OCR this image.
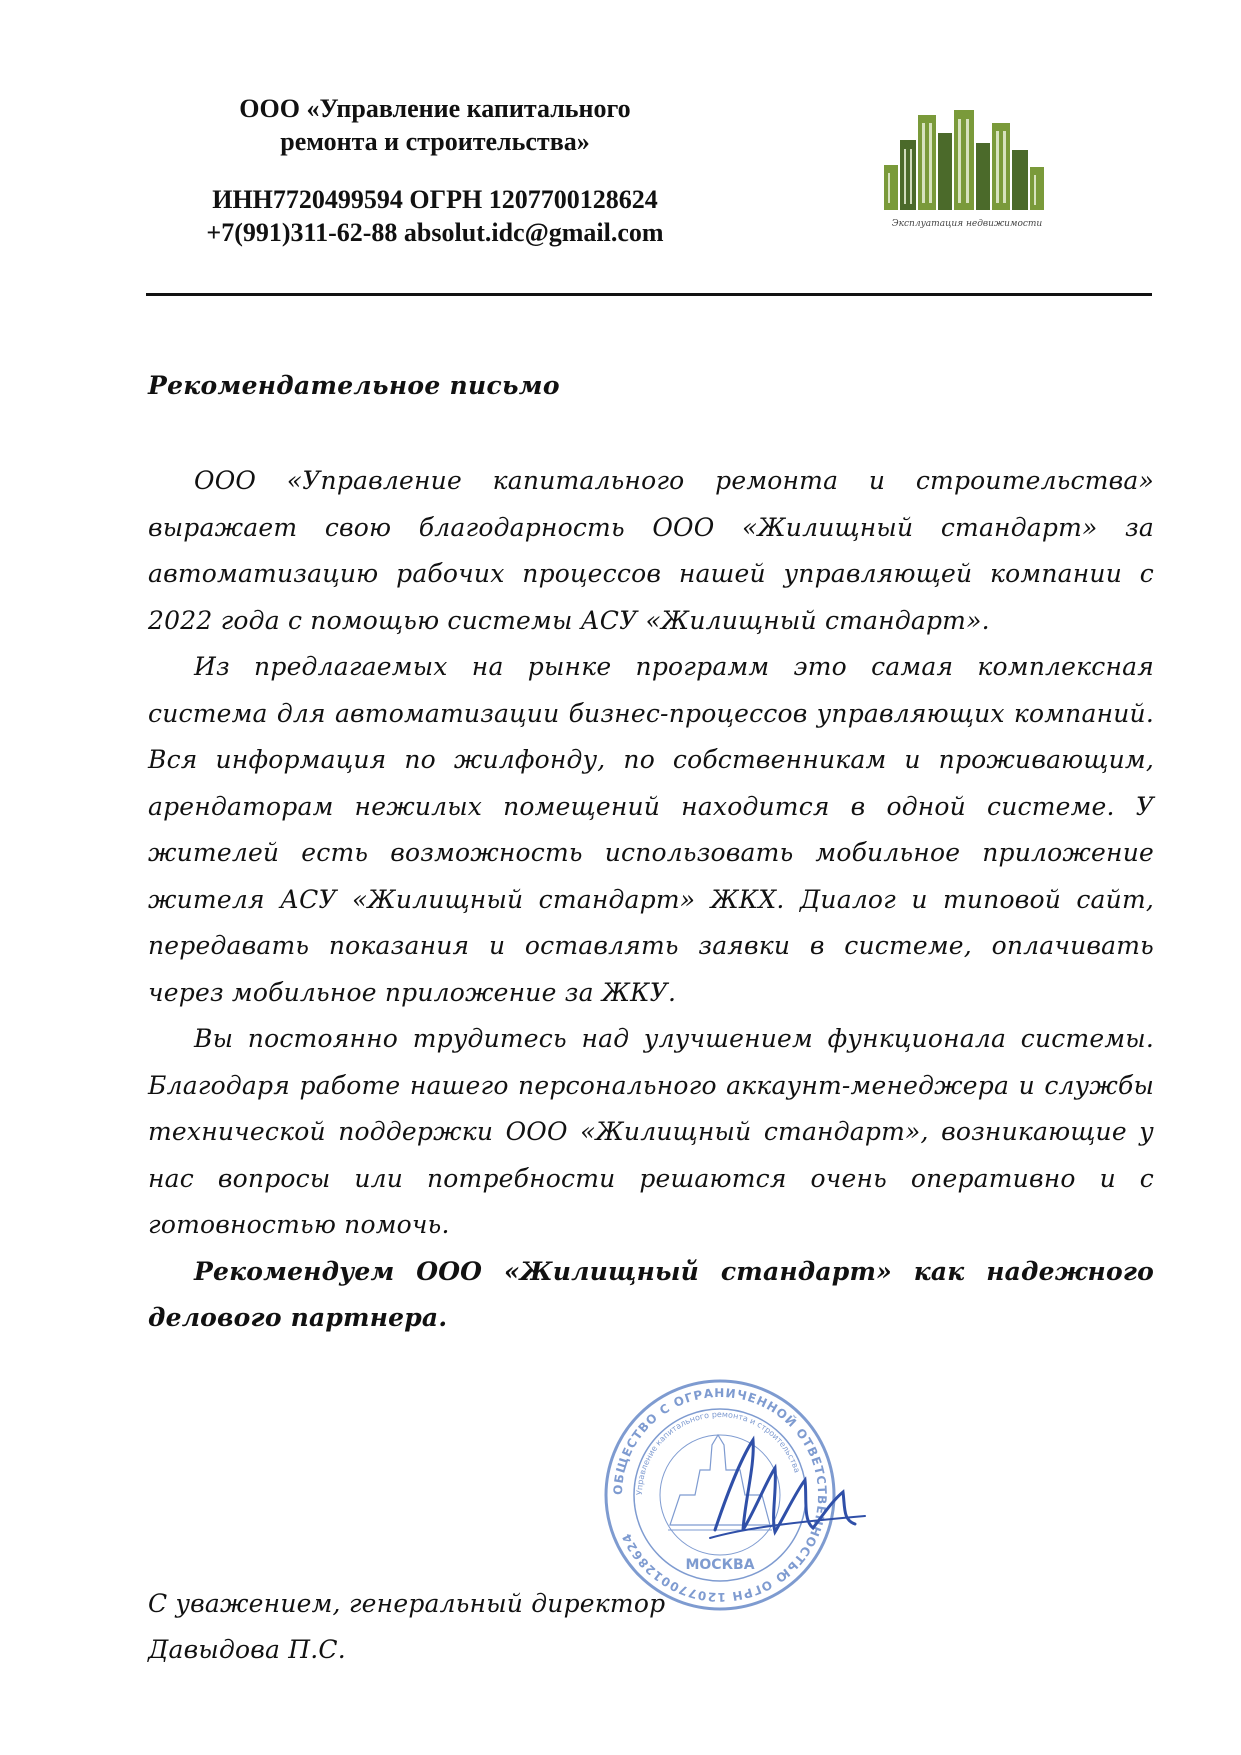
ООО «Управление капитального
ремонта и строительства»
ИНН7720499594 ОГРН 1207700128624
+7(991)311-62-88 absolut.idc@gmail.com	Эксплуатация недвижимости
Рекомендательное письмо

ООО «Управление капитального ремонта и строительства» выражает свою благодарность ООО «Жилищный стандарт» за автоматизацию рабочих процессов нашей управляющей компании с 2022 года с помощью системы АСУ «Жилищный стандарт».

Из предлагаемых на рынке программ это самая комплексная система для автоматизации бизнес-процессов управляющих компаний. Вся информация по жилфонду, по собственникам и проживающим, арендаторам нежилых помещений находится в одной системе. У жителей есть возможность использовать мобильное приложение жителя АСУ «Жилищный стандарт» ЖКХ. Диалог и типовой сайт, передавать показания и оставлять заявки в системе, оплачивать через мобильное приложение за ЖКУ.

Вы постоянно трудитесь над улучшением функционала системы. Благодаря работе нашего персонального аккаунт-менеджера и службы технической поддержки ООО «Жилищный стандарт», возникающие у нас вопросы или потребности решаются очень оперативно и с готовностью помочь.

Рекомендуем ООО «Жилищный стандарт» как надежного делового партнера.

ОБЩЕСТВО С ОГРАНИЧЕННОЙ ОТВЕТСТВЕННОСТЬЮ ОГРН 1207700128624
Управление капитального ремонта и строительства
МОСКВА
С уважением, генеральный директор
Давыдова П.С.
